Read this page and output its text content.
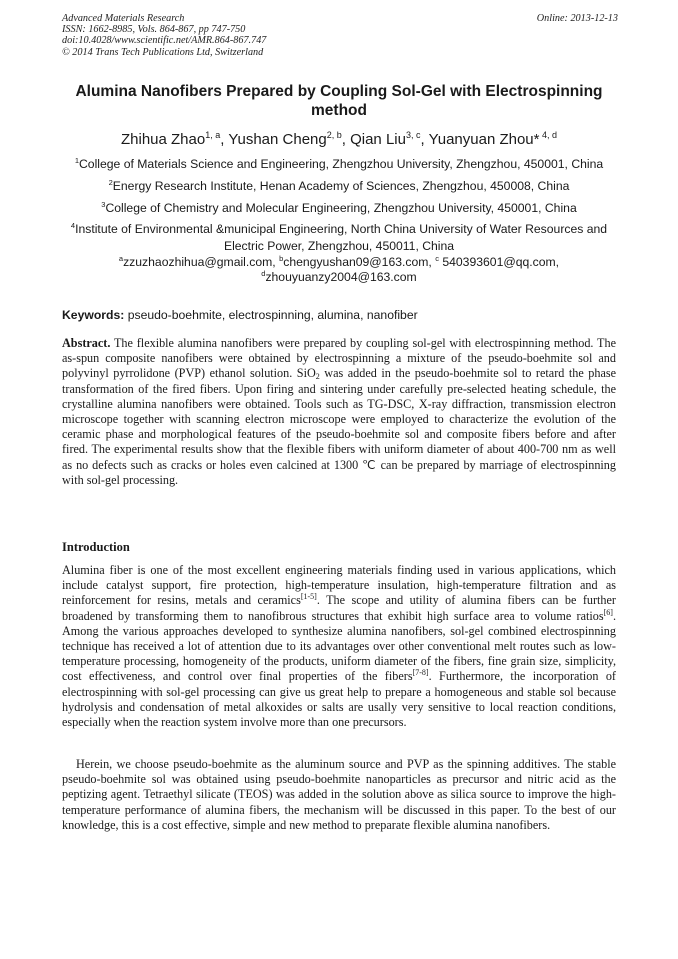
Advanced Materials Research
ISSN: 1662-8985, Vols. 864-867, pp 747-750
doi:10.4028/www.scientific.net/AMR.864-867.747
© 2014 Trans Tech Publications Ltd, Switzerland
Online: 2013-12-13
Alumina Nanofibers Prepared by Coupling Sol-Gel with Electrospinning method
Zhihua Zhao$^{1, a}$, Yushan Cheng$^{2, b}$, Qian Liu$^{3, c}$, Yuanyuan Zhou* $^{4, d}$
$^1$College of Materials Science and Engineering, Zhengzhou University, Zhengzhou, 450001, China
$^2$Energy Research Institute, Henan Academy of Sciences, Zhengzhou, 450008, China
$^3$College of Chemistry and Molecular Engineering, Zhengzhou University, 450001, China
$^4$Institute of Environmental &municipal Engineering, North China University of Water Resources and Electric Power, Zhengzhou, 450011, China
$^a$zzuzhaozhihua@gmail.com, $^b$chengyushan09@163.com, $^c$ 540393601@qq.com,
$^d$zhouyuanzy2004@163.com
Keywords: pseudo-boehmite, electrospinning, alumina, nanofiber
Abstract. The flexible alumina nanofibers were prepared by coupling sol-gel with electrospinning method. The as-spun composite nanofibers were obtained by electrospinning a mixture of the pseudo-boehmite sol and polyvinyl pyrrolidone (PVP) ethanol solution. SiO$_2$ was added in the pseudo-boehmite sol to retard the phase transformation of the fired fibers. Upon firing and sintering under carefully pre-selected heating schedule, the crystalline alumina nanofibers were obtained. Tools such as TG-DSC, X-ray diffraction, transmission electron microscope together with scanning electron microscope were employed to characterize the evolution of the ceramic phase and morphological features of the pseudo-boehmite sol and composite fibers before and after fired. The experimental results show that the flexible fibers with uniform diameter of about 400-700 nm as well as no defects such as cracks or holes even calcined at 1300 ℃ can be prepared by marriage of electrospinning with sol-gel processing.
Introduction
Alumina fiber is one of the most excellent engineering materials finding used in various applications, which include catalyst support, fire protection, high-temperature insulation, high-temperature filtration and as reinforcement for resins, metals and ceramics[1-5]. The scope and utility of alumina fibers can be further broadened by transforming them to nanofibrous structures that exhibit high surface area to volume ratios[6]. Among the various approaches developed to synthesize alumina nanofibers, sol-gel combined electrospinning technique has received a lot of attention due to its advantages over other conventional melt routes such as low-temperature processing, homogeneity of the products, uniform diameter of the fibers, fine grain size, simplicity, cost effectiveness, and control over final properties of the fibers[7-8]. Furthermore, the incorporation of electrospinning with sol-gel processing can give us great help to prepare a homogeneous and stable sol because hydrolysis and condensation of metal alkoxides or salts are usally very sensitive to local reaction conditions, especially when the reaction system involve more than one precursors.
Herein, we choose pseudo-boehmite as the aluminum source and PVP as the spinning additives. The stable pseudo-boehmite sol was obtained using pseudo-boehmite nanoparticles as precursor and nitric acid as the peptizing agent. Tetraethyl silicate (TEOS) was added in the solution above as silica source to improve the high-temperature performance of alumina fibers, the mechanism will be discussed in this paper. To the best of our knowledge, this is a cost effective, simple and new method to preparate flexible alumina nanofibers.
